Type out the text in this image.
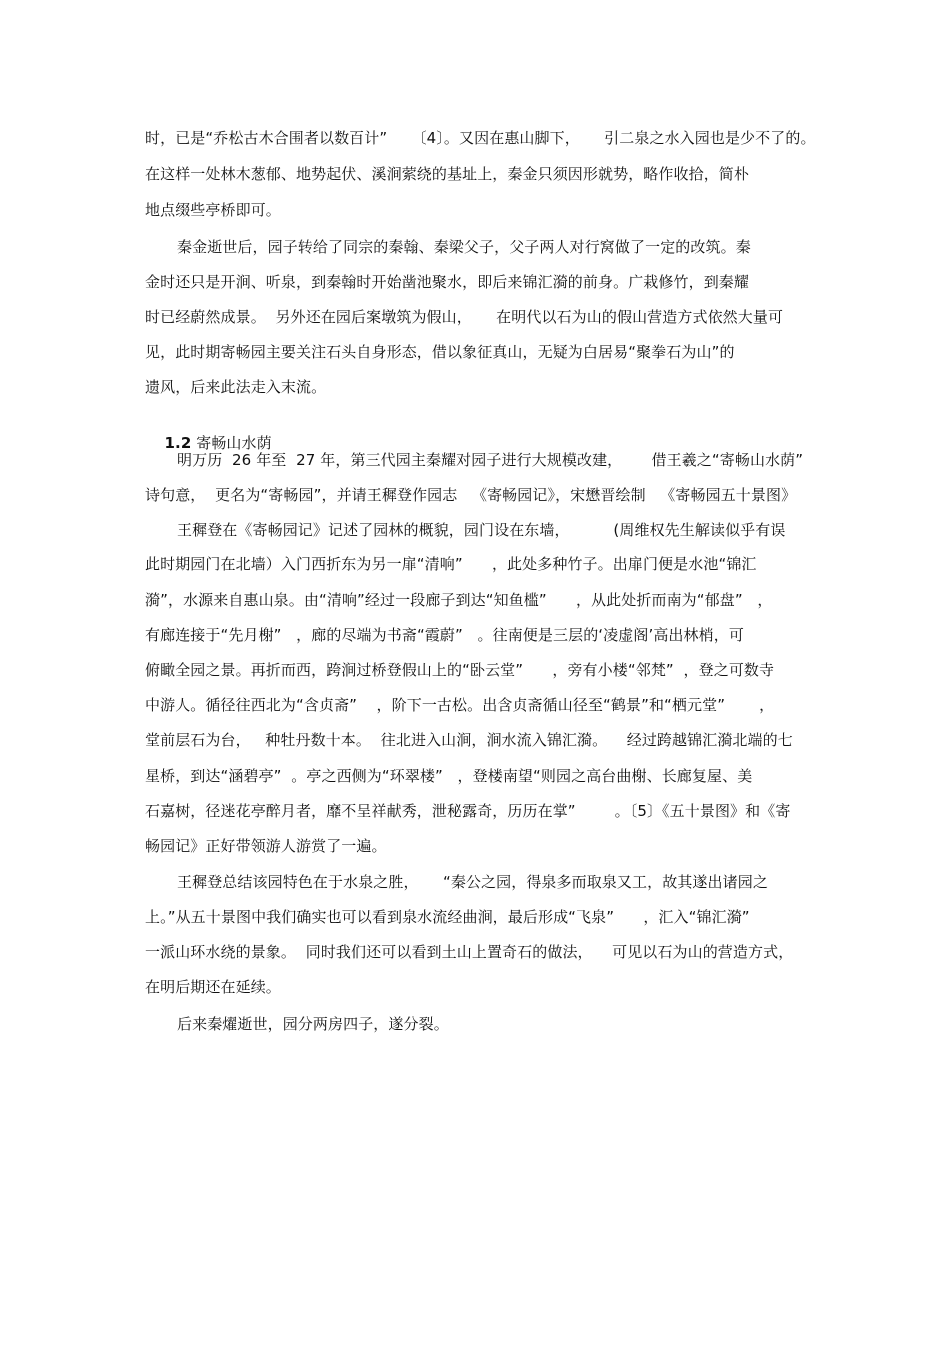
时，已是“乔松古木合围者以数百计”     〔4〕。又因在惠山脚下，     引二泉之水入园也是少不了的。
在这样一处林木葱郁、地势起伏、溪涧萦绕的基址上，秦金只须因形就势，略作收拾，简朴
地点缀些亭桥即可。
秦金逝世后，园子转给了同宗的秦翰、秦梁父子，父子两人对行窝做了一定的改筑。秦
金时还只是开涧、听泉，到秦翰时开始凿池聚水，即后来锦汇漪的前身。广栽修竹，到秦耀
时已经蔚然成景。  另外还在园后案墩筑为假山，     在明代以石为山的假山营造方式依然大量可
见，此时期寄畅园主要关注石头自身形态，借以象征真山，无疑为白居易“聚拳石为山”的
遗风，后来此法走入末流。

1.2 寄畅山水荫

明万历  26 年至  27 年，第三代园主秦耀对园子进行大规模改建，      借王羲之“寄畅山水荫”
诗句意，  更名为“寄畅园”，并请王穉登作园志   《寄畅园记》，宋懋晋绘制   《寄畅园五十景图》
王穉登在《寄畅园记》记述了园林的概貌，园门设在东墙，         (周维权先生解读似乎有误
此时期园门在北墙）入门西折东为另一扉“清响”      ，此处多种竹子。出扉门便是水池“锦汇
漪”，水源来自惠山泉。由“清响”经过一段廊子到达“知鱼槛”      ，从此处折而南为“郁盘”   ，
有廊连接于“先月榭”   ，廊的尽端为书斋“霞蔚”   。往南便是三层的‘凌虚阁’高出林梢，可
俯瞰全园之景。再折而西，跨涧过桥登假山上的“卧云堂”      ，旁有小楼“邻梵”  ，登之可数寺
中游人。循径往西北为“含贞斋”    ，阶下一古松。出含贞斋循山径至“鹤景”和“栖元堂”       ，
堂前层石为台，   种牡丹数十本。  往北进入山涧，涧水流入锦汇漪。    经过跨越锦汇漪北端的七
星桥，到达“涵碧亭”  。亭之西侧为“环翠楼”   ，登楼南望“则园之高台曲榭、长廊复屋、美
石嘉树，径迷花亭醉月者，靡不呈祥献秀，泄秘露奇，历历在掌”        。〔5〕《五十景图》和《寄
畅园记》正好带领游人游赏了一遍。
王穉登总结该园特色在于水泉之胜，     “秦公之园，得泉多而取泉又工，故其遂出诸园之
上。”从五十景图中我们确实也可以看到泉水流经曲涧，最后形成“飞泉”      ，汇入“锦汇漪”
一派山环水绕的景象。  同时我们还可以看到土山上置奇石的做法，    可见以石为山的营造方式，
在明后期还在延续。
后来秦燿逝世，园分两房四子，遂分裂。
